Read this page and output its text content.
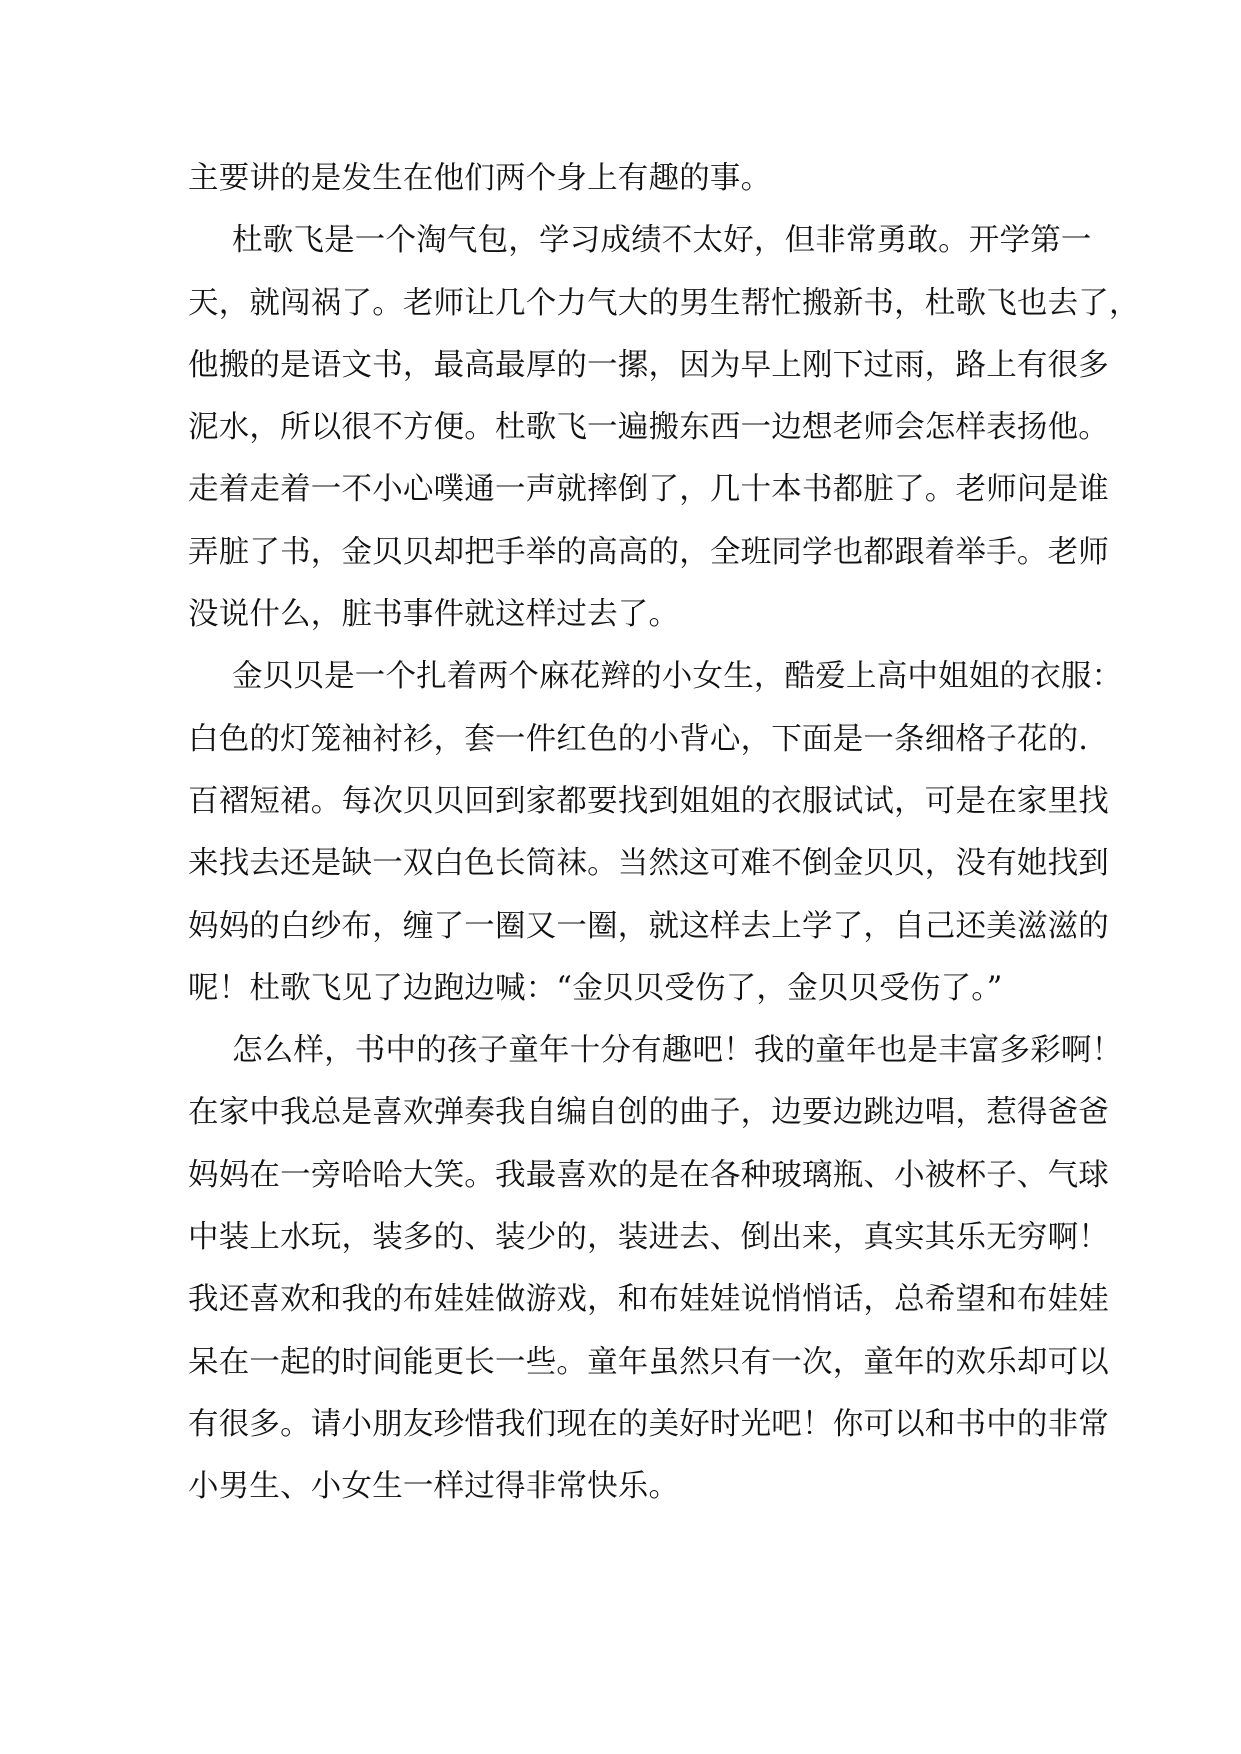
主要讲的是发生在他们两个身上有趣的事。
杜歌飞是一个淘气包，学习成绩不太好，但非常勇敢。开学第一
天，就闯祸了。老师让几个力气大的男生帮忙搬新书，杜歌飞也去了，
他搬的是语文书，最高最厚的一摞，因为早上刚下过雨，路上有很多
泥水，所以很不方便。杜歌飞一遍搬东西一边想老师会怎样表扬他。
走着走着一不小心噗通一声就摔倒了，几十本书都脏了。老师问是谁
弄脏了书，金贝贝却把手举的高高的，全班同学也都跟着举手。老师
没说什么，脏书事件就这样过去了。
金贝贝是一个扎着两个麻花辫的小女生，酷爱上高中姐姐的衣服：
白色的灯笼袖衬衫，套一件红色的小背心，下面是一条细格子花的.
百褶短裙。每次贝贝回到家都要找到姐姐的衣服试试，可是在家里找
来找去还是缺一双白色长筒袜。当然这可难不倒金贝贝，没有她找到
妈妈的白纱布，缠了一圈又一圈，就这样去上学了，自己还美滋滋的
呢！杜歌飞见了边跑边喊：“金贝贝受伤了，金贝贝受伤了。”
怎么样，书中的孩子童年十分有趣吧！我的童年也是丰富多彩啊！
在家中我总是喜欢弹奏我自编自创的曲子，边要边跳边唱，惹得爸爸
妈妈在一旁哈哈大笑。我最喜欢的是在各种玻璃瓶、小被杯子、气球
中装上水玩，装多的、装少的，装进去、倒出来，真实其乐无穷啊！
我还喜欢和我的布娃娃做游戏，和布娃娃说悄悄话，总希望和布娃娃
呆在一起的时间能更长一些。童年虽然只有一次，童年的欢乐却可以
有很多。请小朋友珍惜我们现在的美好时光吧！你可以和书中的非常
小男生、小女生一样过得非常快乐。
